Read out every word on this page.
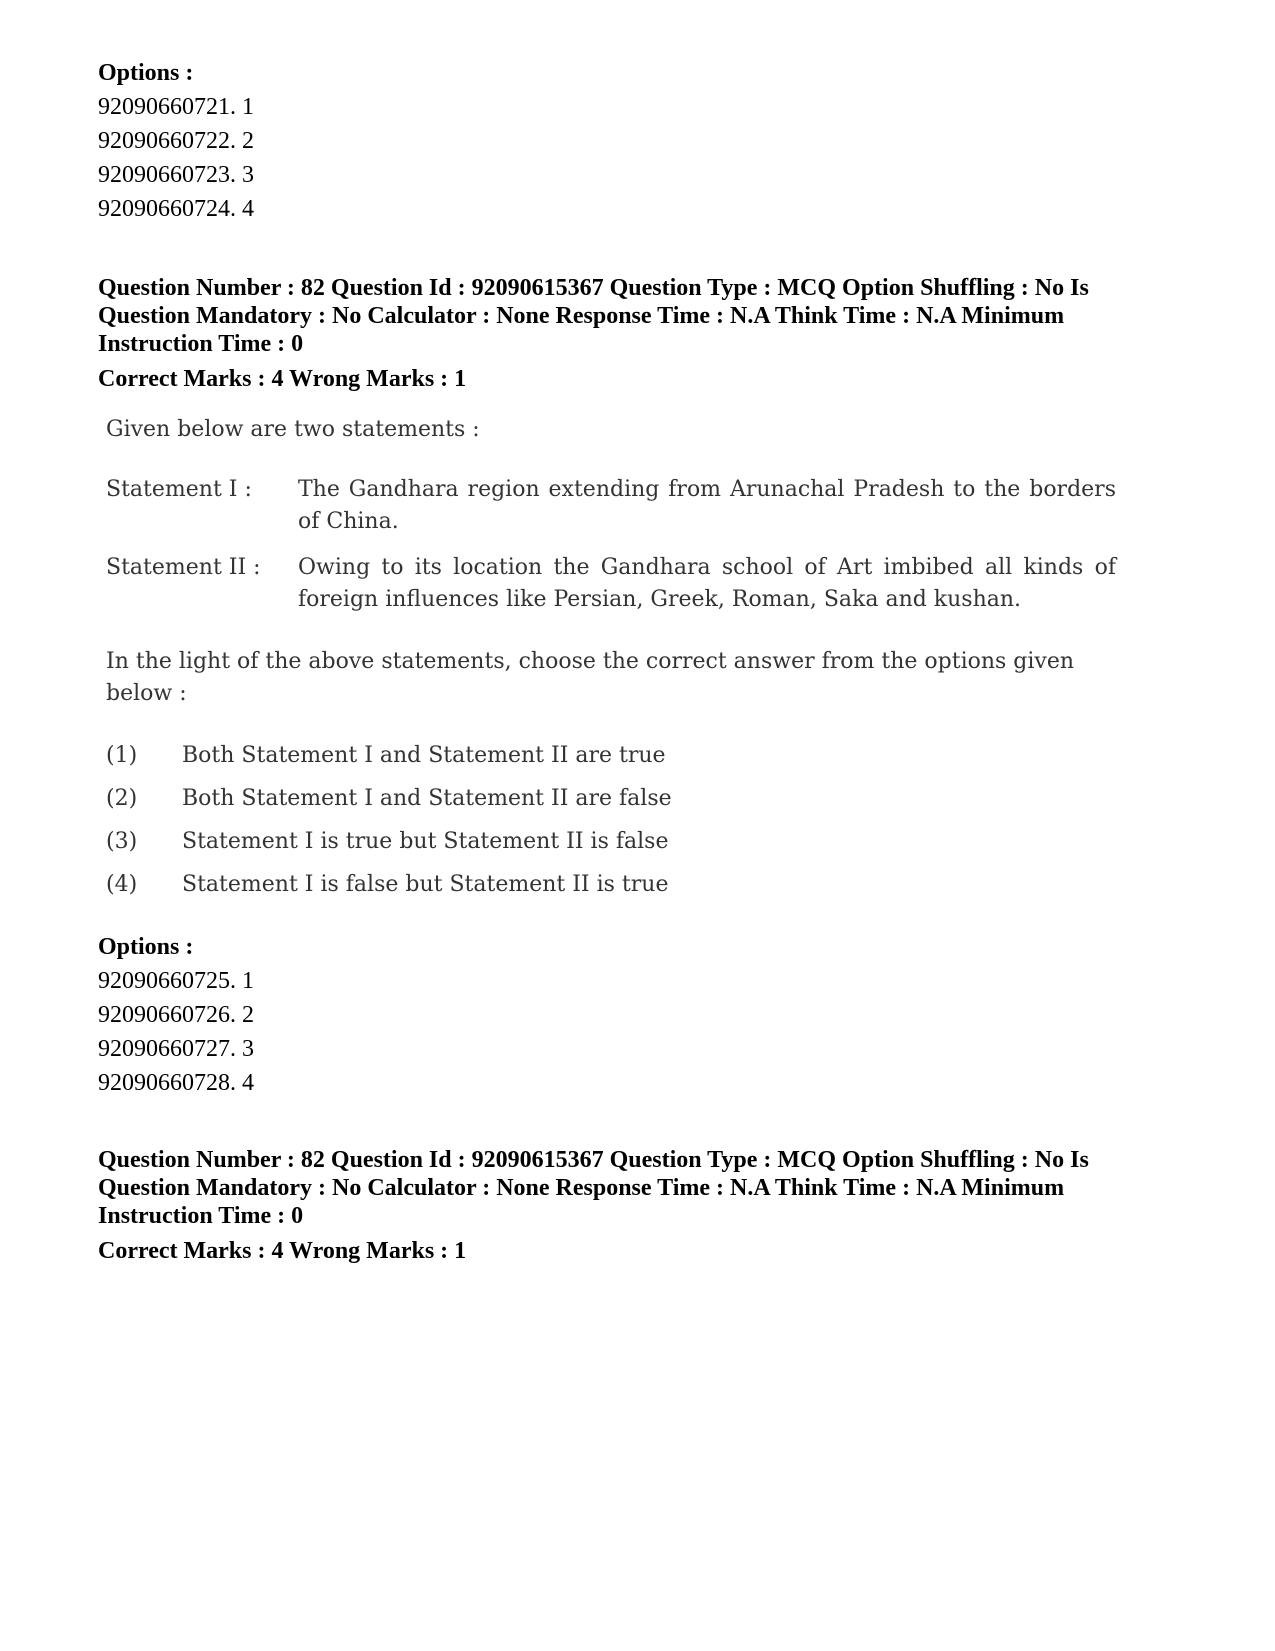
Options :
92090660721. 1
92090660722. 2
92090660723. 3
92090660724. 4
Question Number : 82 Question Id : 92090615367 Question Type : MCQ Option Shuffling : No Is Question Mandatory : No Calculator : None Response Time : N.A Think Time : N.A Minimum Instruction Time : 0
Correct Marks : 4 Wrong Marks : 1
Given below are two statements :
Statement I :	The Gandhara region extending from Arunachal Pradesh to the borders of China.
Statement II :	Owing to its location the Gandhara school of Art imbibed all kinds of foreign influences like Persian, Greek, Roman, Saka and kushan.
In the light of the above statements, choose the correct answer from the options given below :
(1)	Both Statement I and Statement II are true
(2)	Both Statement I and Statement II are false
(3)	Statement I is true but Statement II is false
(4)	Statement I is false but Statement II is true
Options :
92090660725. 1
92090660726. 2
92090660727. 3
92090660728. 4
Question Number : 82 Question Id : 92090615367 Question Type : MCQ Option Shuffling : No Is Question Mandatory : No Calculator : None Response Time : N.A Think Time : N.A Minimum Instruction Time : 0
Correct Marks : 4 Wrong Marks : 1
